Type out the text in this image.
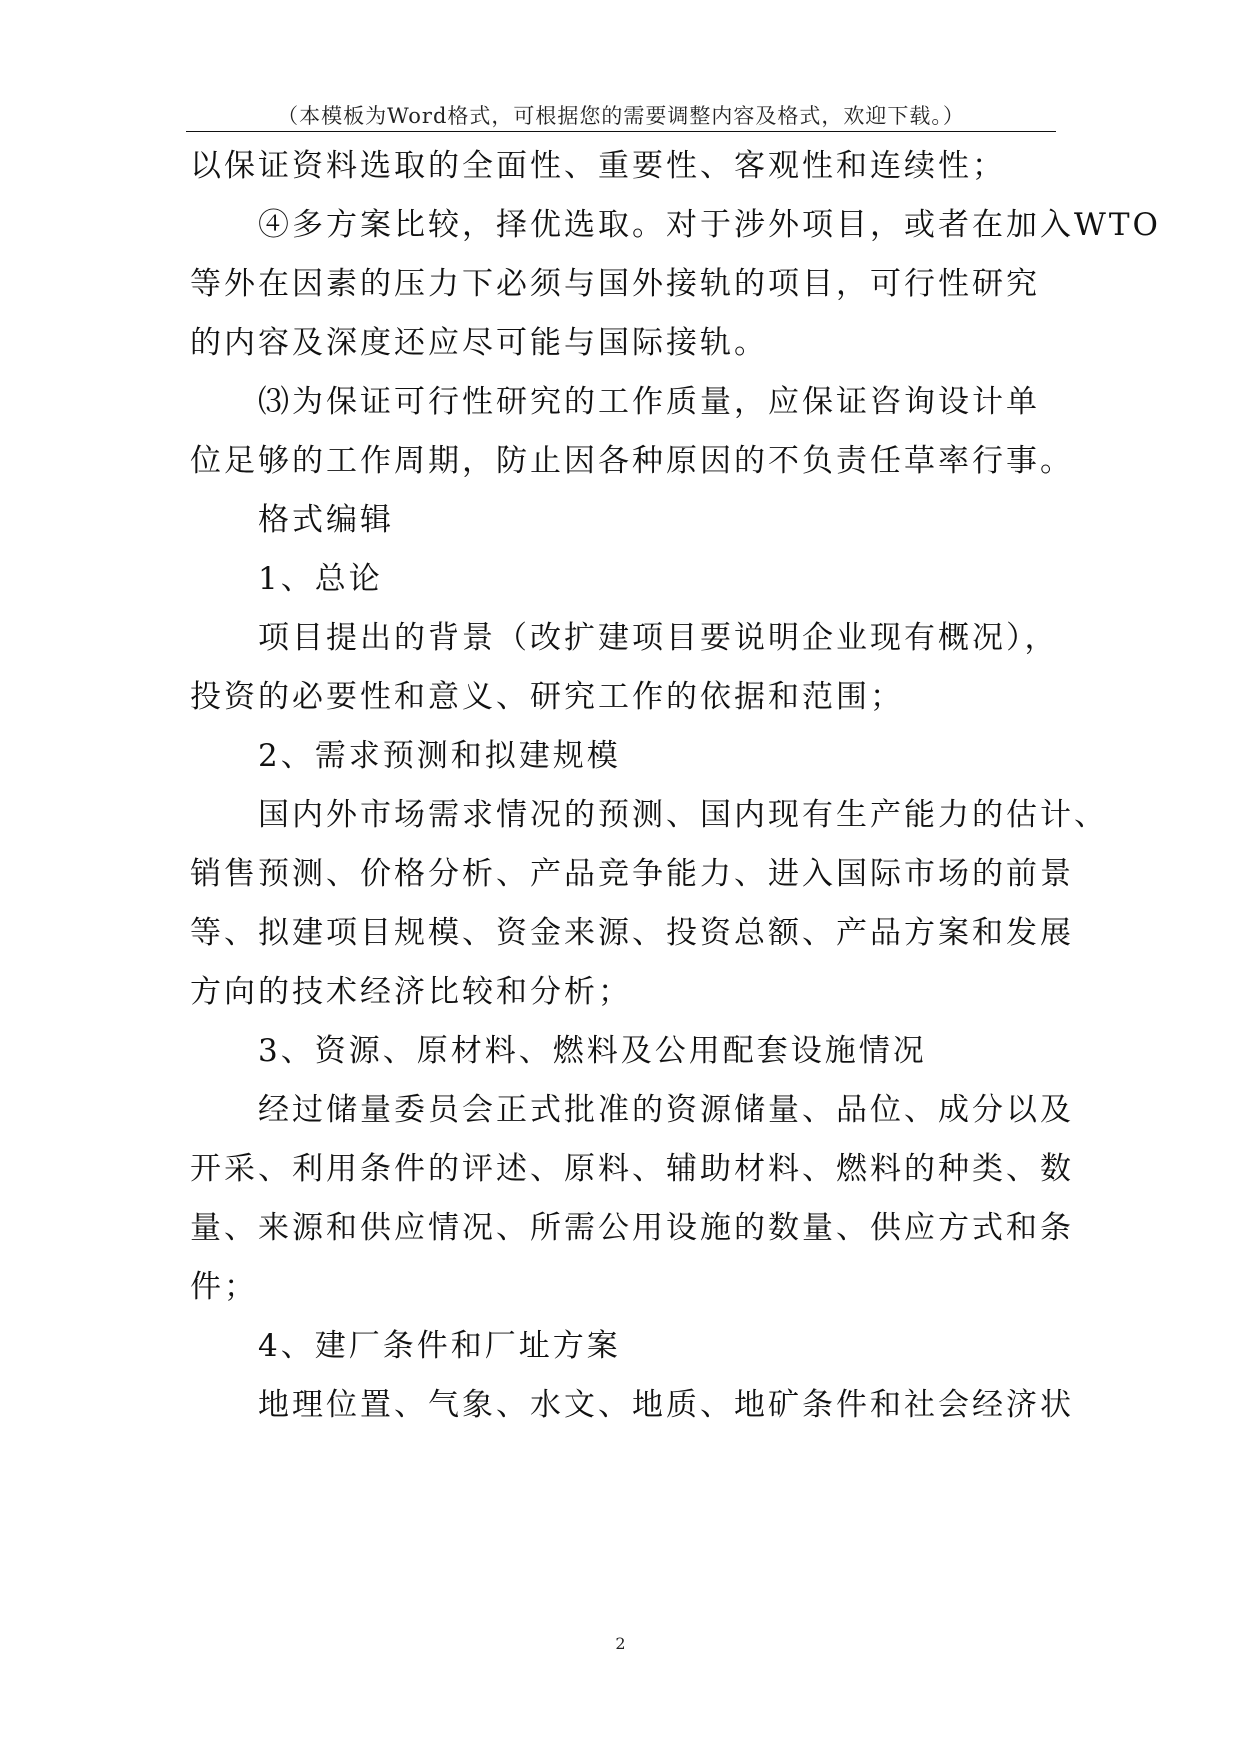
（本模板为Word格式，可根据您的需要调整内容及格式，欢迎下载。）
以保证资料选取的全面性、重要性、客观性和连续性；
④多方案比较，择优选取。对于涉外项目，或者在加入WTO
等外在因素的压力下必须与国外接轨的项目，可行性研究
的内容及深度还应尽可能与国际接轨。
⑶为保证可行性研究的工作质量，应保证咨询设计单
位足够的工作周期，防止因各种原因的不负责任草率行事。
格式编辑
1、总论
项目提出的背景（改扩建项目要说明企业现有概况），
投资的必要性和意义、研究工作的依据和范围；
2、需求预测和拟建规模
国内外市场需求情况的预测、国内现有生产能力的估计、
销售预测、价格分析、产品竞争能力、进入国际市场的前景
等、拟建项目规模、资金来源、投资总额、产品方案和发展
方向的技术经济比较和分析；
3、资源、原材料、燃料及公用配套设施情况
经过储量委员会正式批准的资源储量、品位、成分以及
开采、利用条件的评述、原料、辅助材料、燃料的种类、数
量、来源和供应情况、所需公用设施的数量、供应方式和条
件；
4、建厂条件和厂址方案
地理位置、气象、水文、地质、地矿条件和社会经济状
2
